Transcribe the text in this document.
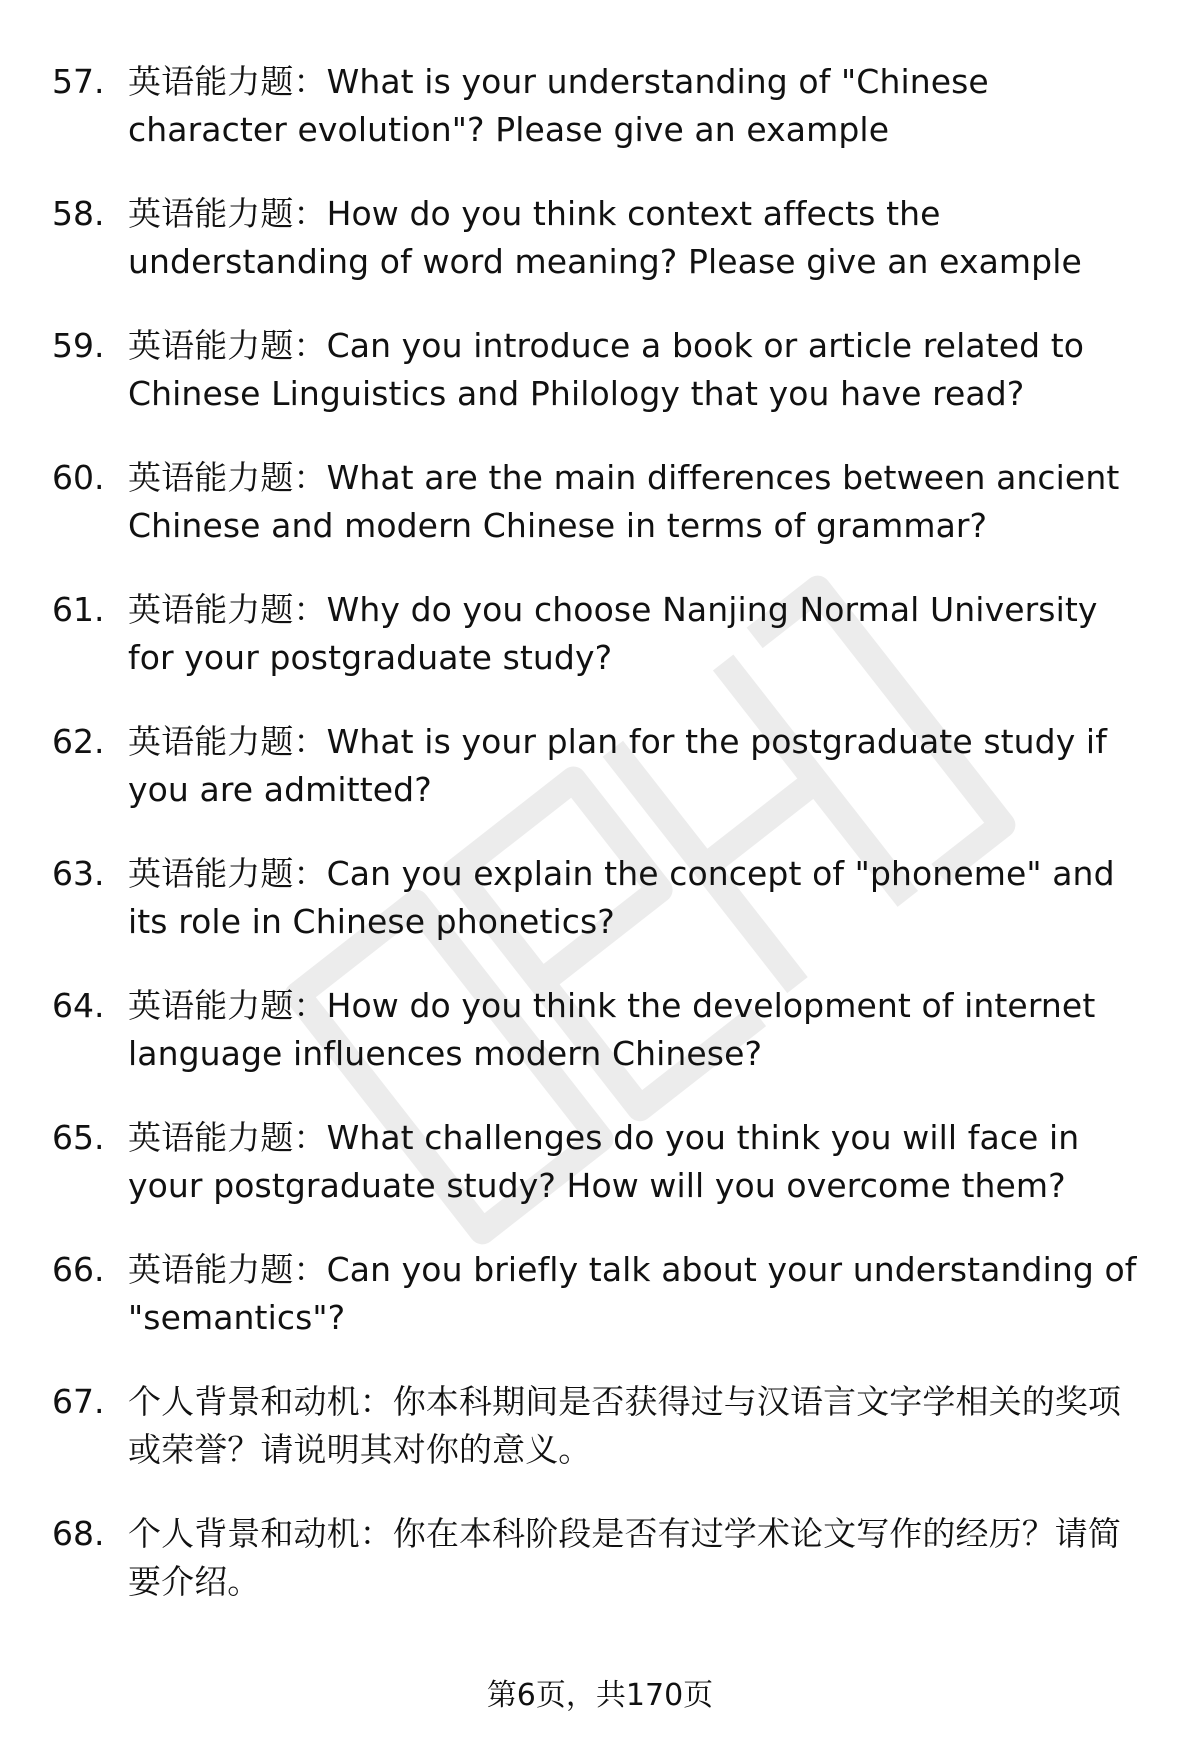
57. 英语能力题：What is your understanding of "Chinese character evolution"? Please give an example
58. 英语能力题：How do you think context affects the understanding of word meaning? Please give an example
59. 英语能力题：Can you introduce a book or article related to Chinese Linguistics and Philology that you have read?
60. 英语能力题：What are the main differences between ancient Chinese and modern Chinese in terms of grammar?
61. 英语能力题：Why do you choose Nanjing Normal University for your postgraduate study?
62. 英语能力题：What is your plan for the postgraduate study if you are admitted?
63. 英语能力题：Can you explain the concept of "phoneme" and its role in Chinese phonetics?
64. 英语能力题：How do you think the development of internet language influences modern Chinese?
65. 英语能力题：What challenges do you think you will face in your postgraduate study? How will you overcome them?
66. 英语能力题：Can you briefly talk about your understanding of "semantics"?
67. 个人背景和动机：你本科期间是否获得过与汉语言文字学相关的奖项或荣誉？请说明其对你的意义。
68. 个人背景和动机：你在本科阶段是否有过学术论文写作的经历？请简要介绍。
第6页，共170页
